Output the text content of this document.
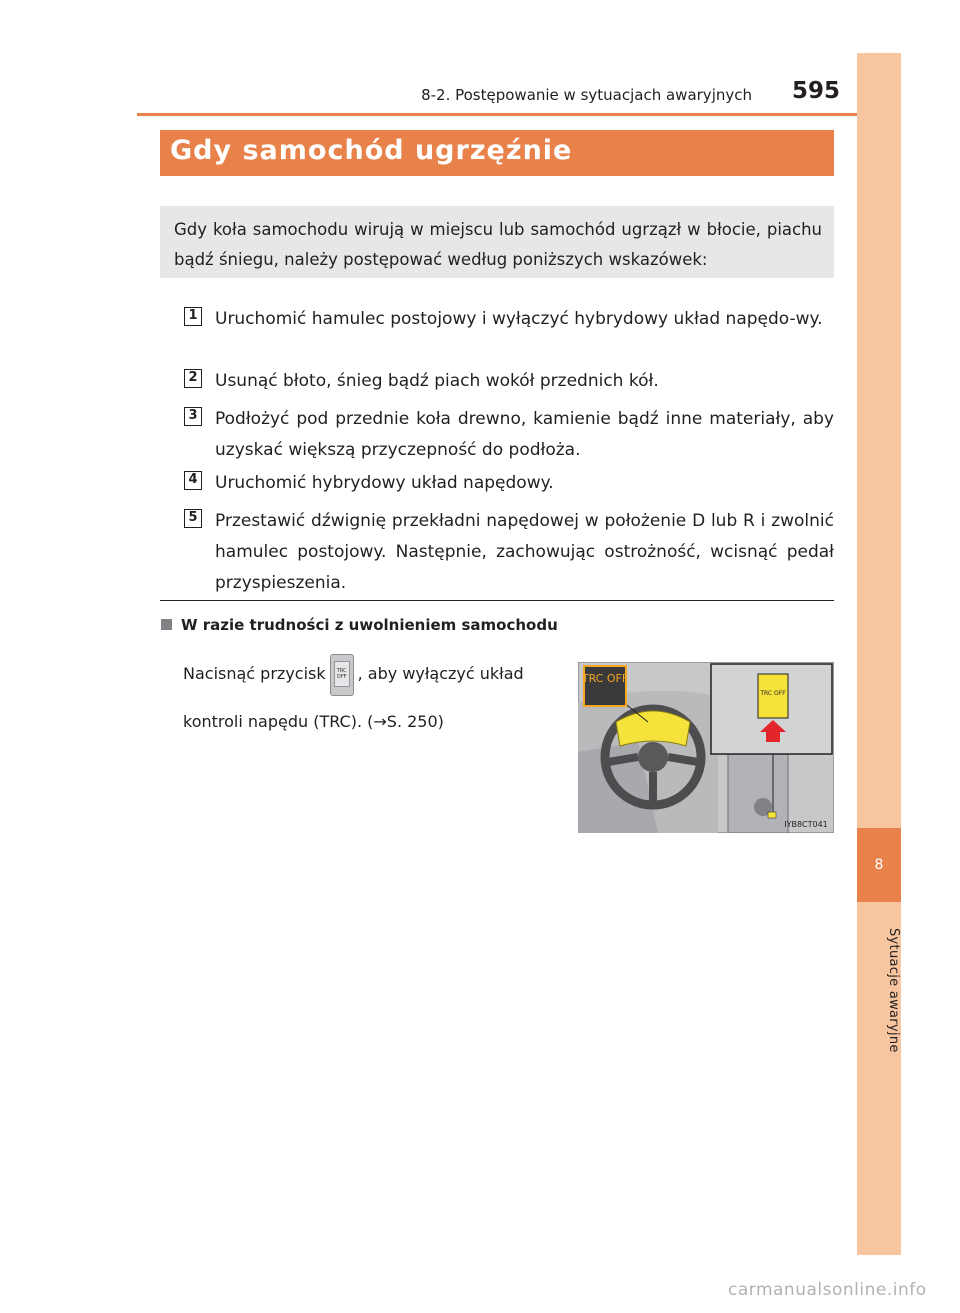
8
Sytuacje awaryjne
8-2. Postępowanie w sytuacjach awaryjnych 595
Gdy samochód ugrzęźnie

Gdy koła samochodu wirują w miejscu lub samochód ugrzązł w błocie, piachu bądź śniegu, należy postępować według poniższych wskazówek:

1 Uruchomić hamulec postojowy i wyłączyć hybrydowy układ napędo-wy.
2 Usunąć błoto, śnieg bądź piach wokół przednich kół.
3 Podłożyć pod przednie koła drewno, kamienie bądź inne materiały, aby uzyskać większą przyczepność do podłoża.
4 Uruchomić hybrydowy układ napędowy.
5 Przestawić dźwignię przekładni napędowej w położenie D lub R i zwolnić hamulec postojowy. Następnie, zachowując ostrożność, wcisnąć pedał przyspieszenia.
W razie trudności z uwolnieniem samochodu
Nacisnąć przycisk	TRC OFF , aby wyłączyć układ kontroli napędu (TRC). (→S. 250)
TRC OFF
TRC OFF
IYB8CT041
carmanualsonline.info
